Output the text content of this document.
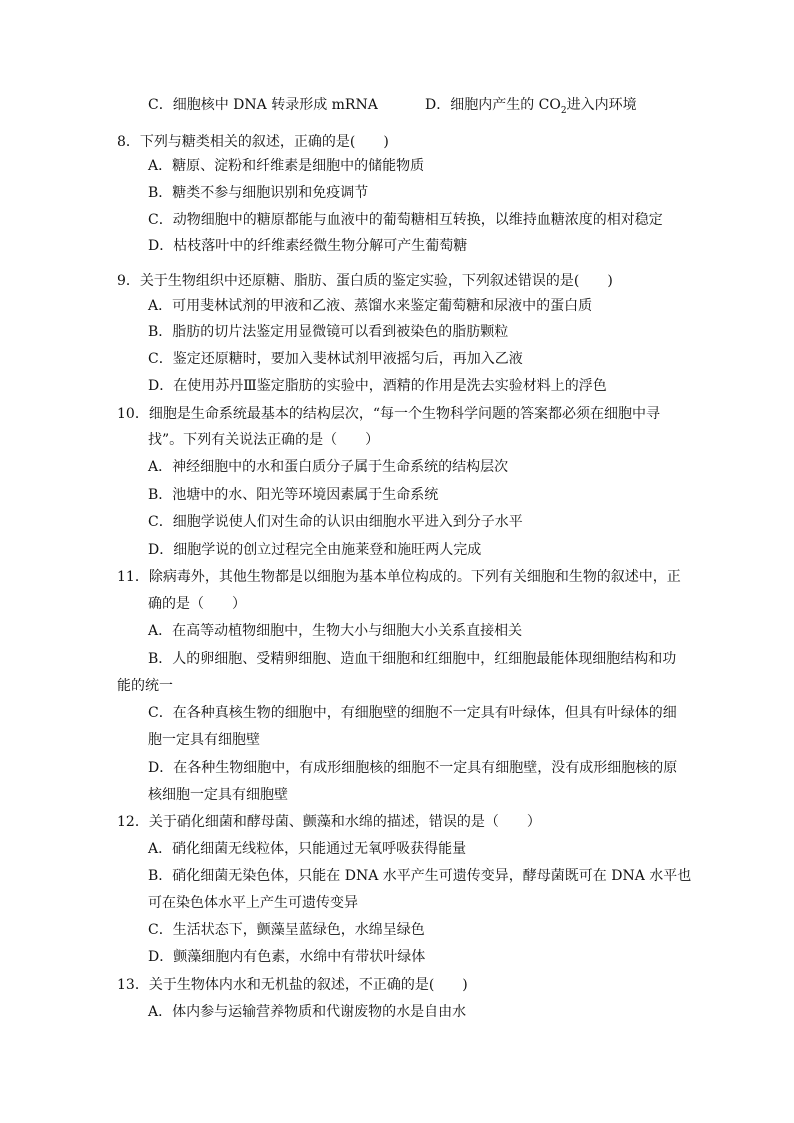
C．细胞核中 DNA 转录形成 mRNA	D．细胞内产生的 $CO_2$进入内环境
8．下列与糖类相关的叙述，正确的是(　　)
A．糖原、淀粉和纤维素是细胞中的储能物质
B．糖类不参与细胞识别和免疫调节
C．动物细胞中的糖原都能与血液中的葡萄糖相互转换，以维持血糖浓度的相对稳定
D．枯枝落叶中的纤维素经微生物分解可产生葡萄糖
9．关于生物组织中还原糖、脂肪、蛋白质的鉴定实验，下列叙述错误的是(　　)
A．可用斐林试剂的甲液和乙液、蒸馏水来鉴定葡萄糖和尿液中的蛋白质
B．脂肪的切片法鉴定用显微镜可以看到被染色的脂肪颗粒
C．鉴定还原糖时，要加入斐林试剂甲液摇匀后，再加入乙液
D．在使用苏丹Ⅲ鉴定脂肪的实验中，酒精的作用是洗去实验材料上的浮色
10．细胞是生命系统最基本的结构层次，“每一个生物科学问题的答案都必须在细胞中寻
找”。下列有关说法正确的是（　　）
A．神经细胞中的水和蛋白质分子属于生命系统的结构层次
B．池塘中的水、阳光等环境因素属于生命系统
C．细胞学说使人们对生命的认识由细胞水平进入到分子水平
D．细胞学说的创立过程完全由施莱登和施旺两人完成
11．除病毒外，其他生物都是以细胞为基本单位构成的。下列有关细胞和生物的叙述中，正
确的是（　　）
A．在高等动植物细胞中，生物大小与细胞大小关系直接相关
B．人的卵细胞、受精卵细胞、造血干细胞和红细胞中，红细胞最能体现细胞结构和功
能的统一
C．在各种真核生物的细胞中，有细胞壁的细胞不一定具有叶绿体，但具有叶绿体的细
胞一定具有细胞壁
D．在各种生物细胞中，有成形细胞核的细胞不一定具有细胞壁，没有成形细胞核的原
核细胞一定具有细胞壁
12．关于硝化细菌和酵母菌、颤藻和水绵的描述，错误的是（　　）
A．硝化细菌无线粒体，只能通过无氧呼吸获得能量
B．硝化细菌无染色体，只能在 DNA 水平产生可遗传变异，酵母菌既可在 DNA 水平也
可在染色体水平上产生可遗传变异
C．生活状态下，颤藻呈蓝绿色，水绵呈绿色
D．颤藻细胞内有色素，水绵中有带状叶绿体
13．关于生物体内水和无机盐的叙述，不正确的是(　　)
A．体内参与运输营养物质和代谢废物的水是自由水
